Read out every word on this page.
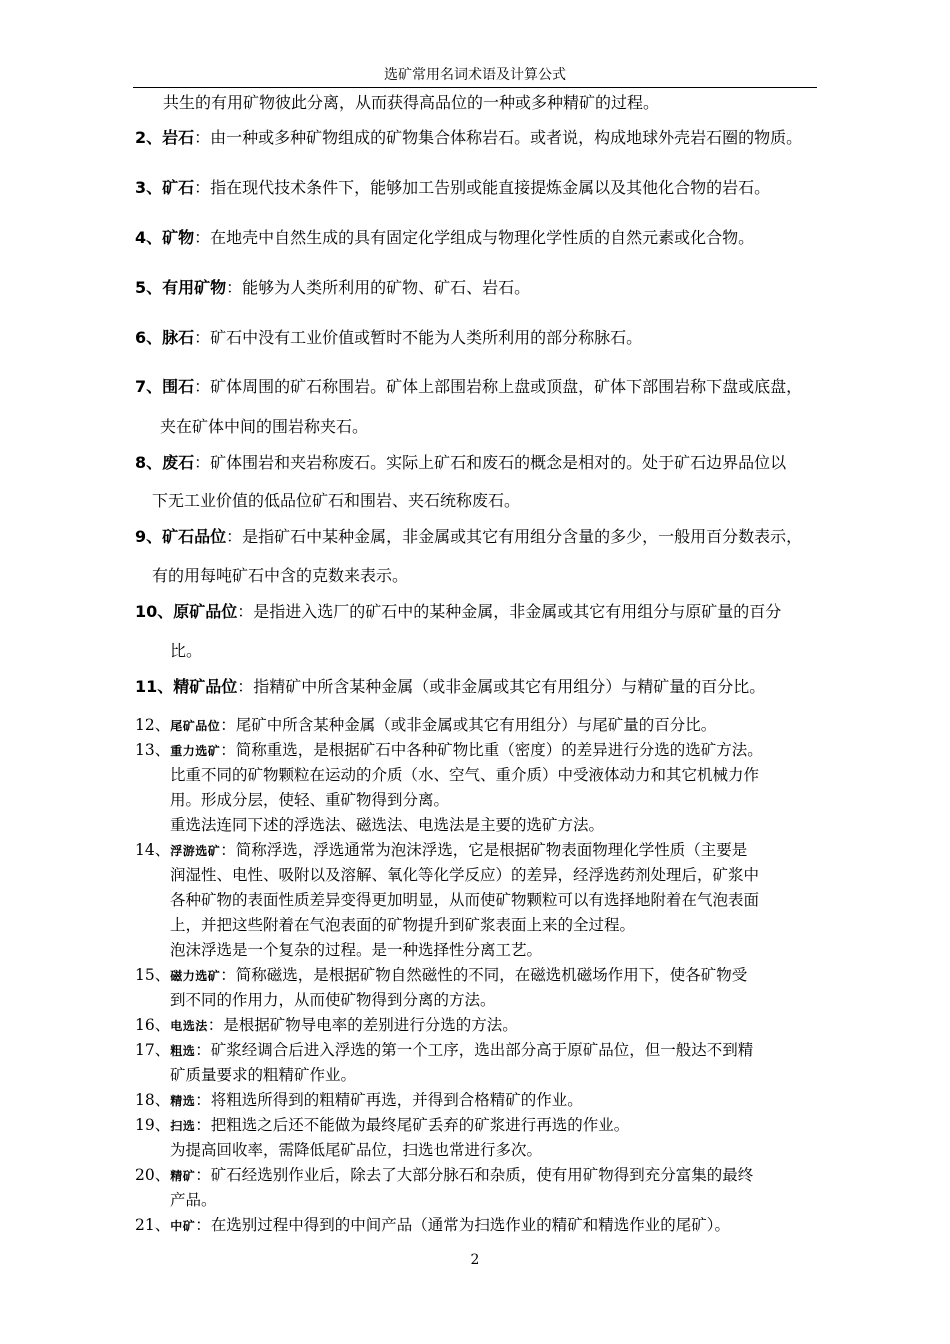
选矿常用名词术语及计算公式
共生的有用矿物彼此分离，从而获得高品位的一种或多种精矿的过程。
2、岩石：由一种或多种矿物组成的矿物集合体称岩石。或者说，构成地球外壳岩石圈的物质。
3、矿石：指在现代技术条件下，能够加工告别或能直接提炼金属以及其他化合物的岩石。
4、矿物：在地壳中自然生成的具有固定化学组成与物理化学性质的自然元素或化合物。
5、有用矿物：能够为人类所利用的矿物、矿石、岩石。
6、脉石：矿石中没有工业价值或暂时不能为人类所利用的部分称脉石。
7、围石：矿体周围的矿石称围岩。矿体上部围岩称上盘或顶盘，矿体下部围岩称下盘或底盘，
夹在矿体中间的围岩称夹石。
8、废石：矿体围岩和夹岩称废石。实际上矿石和废石的概念是相对的。处于矿石边界品位以
下无工业价值的低品位矿石和围岩、夹石统称废石。
9、矿石品位：是指矿石中某种金属，非金属或其它有用组分含量的多少，一般用百分数表示，
有的用每吨矿石中含的克数来表示。
10、原矿品位：是指进入选厂的矿石中的某种金属，非金属或其它有用组分与原矿量的百分
比。
11、精矿品位：指精矿中所含某种金属（或非金属或其它有用组分）与精矿量的百分比。
12、尾矿品位：尾矿中所含某种金属（或非金属或其它有用组分）与尾矿量的百分比。
13、重力选矿：简称重选，是根据矿石中各种矿物比重（密度）的差异进行分选的选矿方法。
比重不同的矿物颗粒在运动的介质（水、空气、重介质）中受液体动力和其它机械力作
用。形成分层，使轻、重矿物得到分离。
重选法连同下述的浮选法、磁选法、电选法是主要的选矿方法。
14、浮游选矿：简称浮选，浮选通常为泡沫浮选，它是根据矿物表面物理化学性质（主要是
润湿性、电性、吸附以及溶解、氧化等化学反应）的差异，经浮选药剂处理后，矿浆中
各种矿物的表面性质差异变得更加明显，从而使矿物颗粒可以有选择地附着在气泡表面
上，并把这些附着在气泡表面的矿物提升到矿浆表面上来的全过程。
泡沫浮选是一个复杂的过程。是一种选择性分离工艺。
15、磁力选矿：简称磁选，是根据矿物自然磁性的不同，在磁选机磁场作用下，使各矿物受
到不同的作用力，从而使矿物得到分离的方法。
16、电选法：是根据矿物导电率的差别进行分选的方法。
17、粗选：矿浆经调合后进入浮选的第一个工序，选出部分高于原矿品位，但一般达不到精
矿质量要求的粗精矿作业。
18、精选：将粗选所得到的粗精矿再选，并得到合格精矿的作业。
19、扫选：把粗选之后还不能做为最终尾矿丢弃的矿浆进行再选的作业。
为提高回收率，需降低尾矿品位，扫选也常进行多次。
20、精矿：矿石经选别作业后，除去了大部分脉石和杂质，使有用矿物得到充分富集的最终
产品。
21、中矿：在选别过程中得到的中间产品（通常为扫选作业的精矿和精选作业的尾矿）。
2
